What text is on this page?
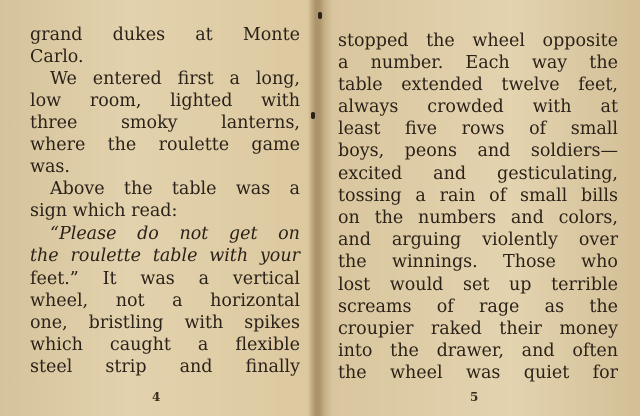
grand dukes at Monte
Carlo.
We entered first a long,
low room, lighted with
three smoky lanterns,
where the roulette game
was.
Above the table was a
sign which read:
“Please do not get on
the roulette table with your
feet.” It was a vertical
wheel, not a horizontal
one, bristling with spikes
which caught a flexible
steel strip and finally
4
stopped the wheel opposite
a number. Each way the
table extended twelve feet,
always crowded with at
least five rows of small
boys, peons and soldiers—
excited and gesticulating,
tossing a rain of small bills
on the numbers and colors,
and arguing violently over
the winnings. Those who
lost would set up terrible
screams of rage as the
croupier raked their money
into the drawer, and often
the wheel was quiet for
5
